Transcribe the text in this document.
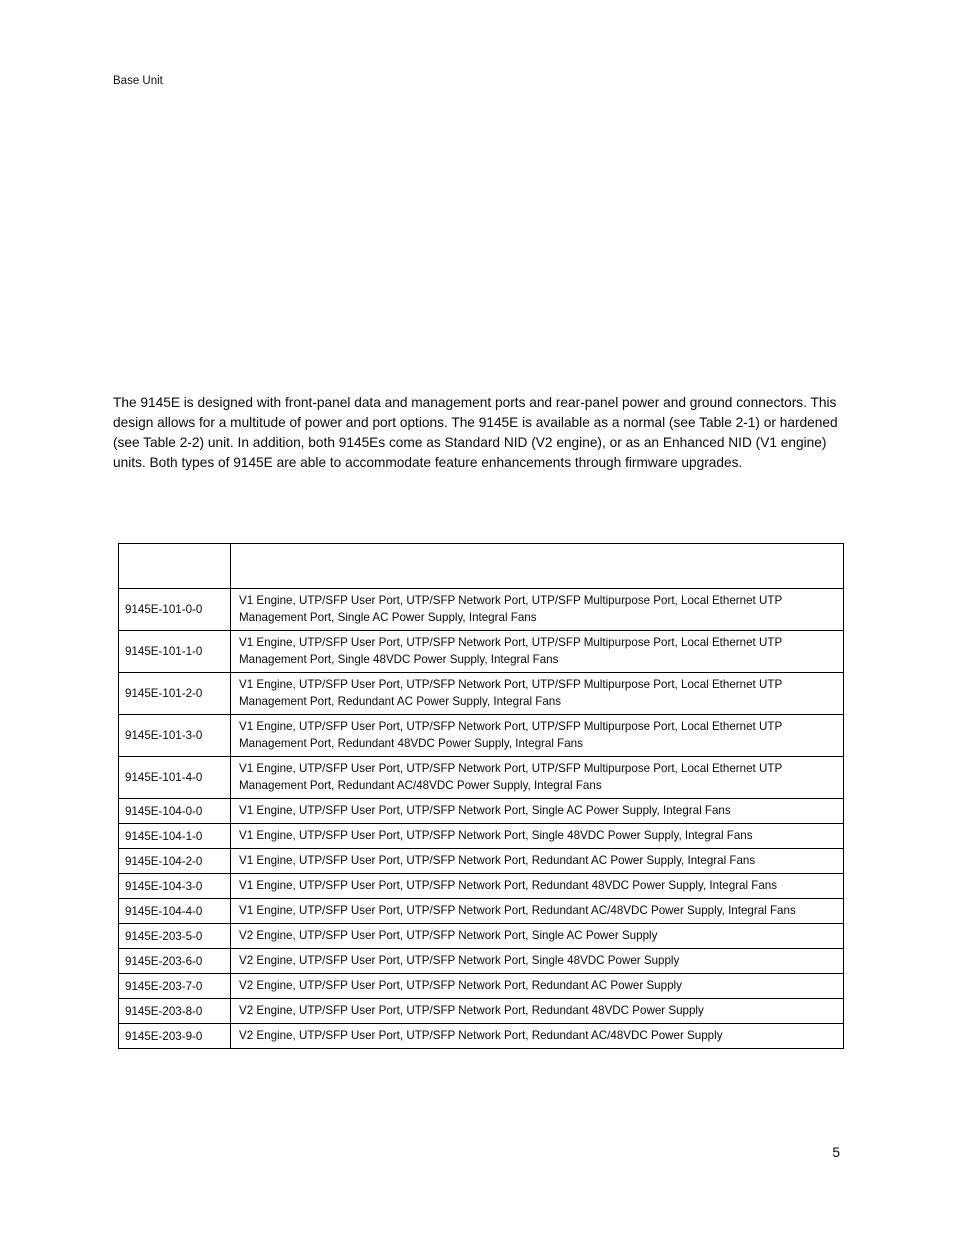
Base Unit
The 9145E is designed with front-panel data and management ports and rear-panel power and ground connectors. This design allows for a multitude of power and port options. The 9145E is available as a normal (see Table 2-1) or hardened (see Table 2-2) unit. In addition, both 9145Es come as Standard NID (V2 engine), or as an Enhanced NID (V1 engine) units. Both types of 9145E are able to accommodate feature enhancements through firmware upgrades.

9145E-101-0-0	V1 Engine, UTP/SFP User Port, UTP/SFP Network Port, UTP/SFP Multipurpose Port, Local Ethernet UTP Management Port, Single AC Power Supply, Integral Fans
9145E-101-1-0	V1 Engine, UTP/SFP User Port, UTP/SFP Network Port, UTP/SFP Multipurpose Port, Local Ethernet UTP Management Port, Single 48VDC Power Supply, Integral Fans
9145E-101-2-0	V1 Engine, UTP/SFP User Port, UTP/SFP Network Port, UTP/SFP Multipurpose Port, Local Ethernet UTP Management Port, Redundant AC Power Supply, Integral Fans
9145E-101-3-0	V1 Engine, UTP/SFP User Port, UTP/SFP Network Port, UTP/SFP Multipurpose Port, Local Ethernet UTP Management Port, Redundant 48VDC Power Supply, Integral Fans
9145E-101-4-0	V1 Engine, UTP/SFP User Port, UTP/SFP Network Port, UTP/SFP Multipurpose Port, Local Ethernet UTP Management Port, Redundant AC/48VDC Power Supply, Integral Fans
9145E-104-0-0	V1 Engine, UTP/SFP User Port, UTP/SFP Network Port, Single AC Power Supply, Integral Fans
9145E-104-1-0	V1 Engine, UTP/SFP User Port, UTP/SFP Network Port, Single 48VDC Power Supply, Integral Fans
9145E-104-2-0	V1 Engine, UTP/SFP User Port, UTP/SFP Network Port, Redundant AC Power Supply, Integral Fans
9145E-104-3-0	V1 Engine, UTP/SFP User Port, UTP/SFP Network Port, Redundant 48VDC Power Supply, Integral Fans
9145E-104-4-0	V1 Engine, UTP/SFP User Port, UTP/SFP Network Port, Redundant AC/48VDC Power Supply, Integral Fans
9145E-203-5-0	V2 Engine, UTP/SFP User Port, UTP/SFP Network Port, Single AC Power Supply
9145E-203-6-0	V2 Engine, UTP/SFP User Port, UTP/SFP Network Port, Single 48VDC Power Supply
9145E-203-7-0	V2 Engine, UTP/SFP User Port, UTP/SFP Network Port, Redundant AC Power Supply
9145E-203-8-0	V2 Engine, UTP/SFP User Port, UTP/SFP Network Port, Redundant 48VDC Power Supply
9145E-203-9-0	V2 Engine, UTP/SFP User Port, UTP/SFP Network Port, Redundant AC/48VDC Power Supply
5
